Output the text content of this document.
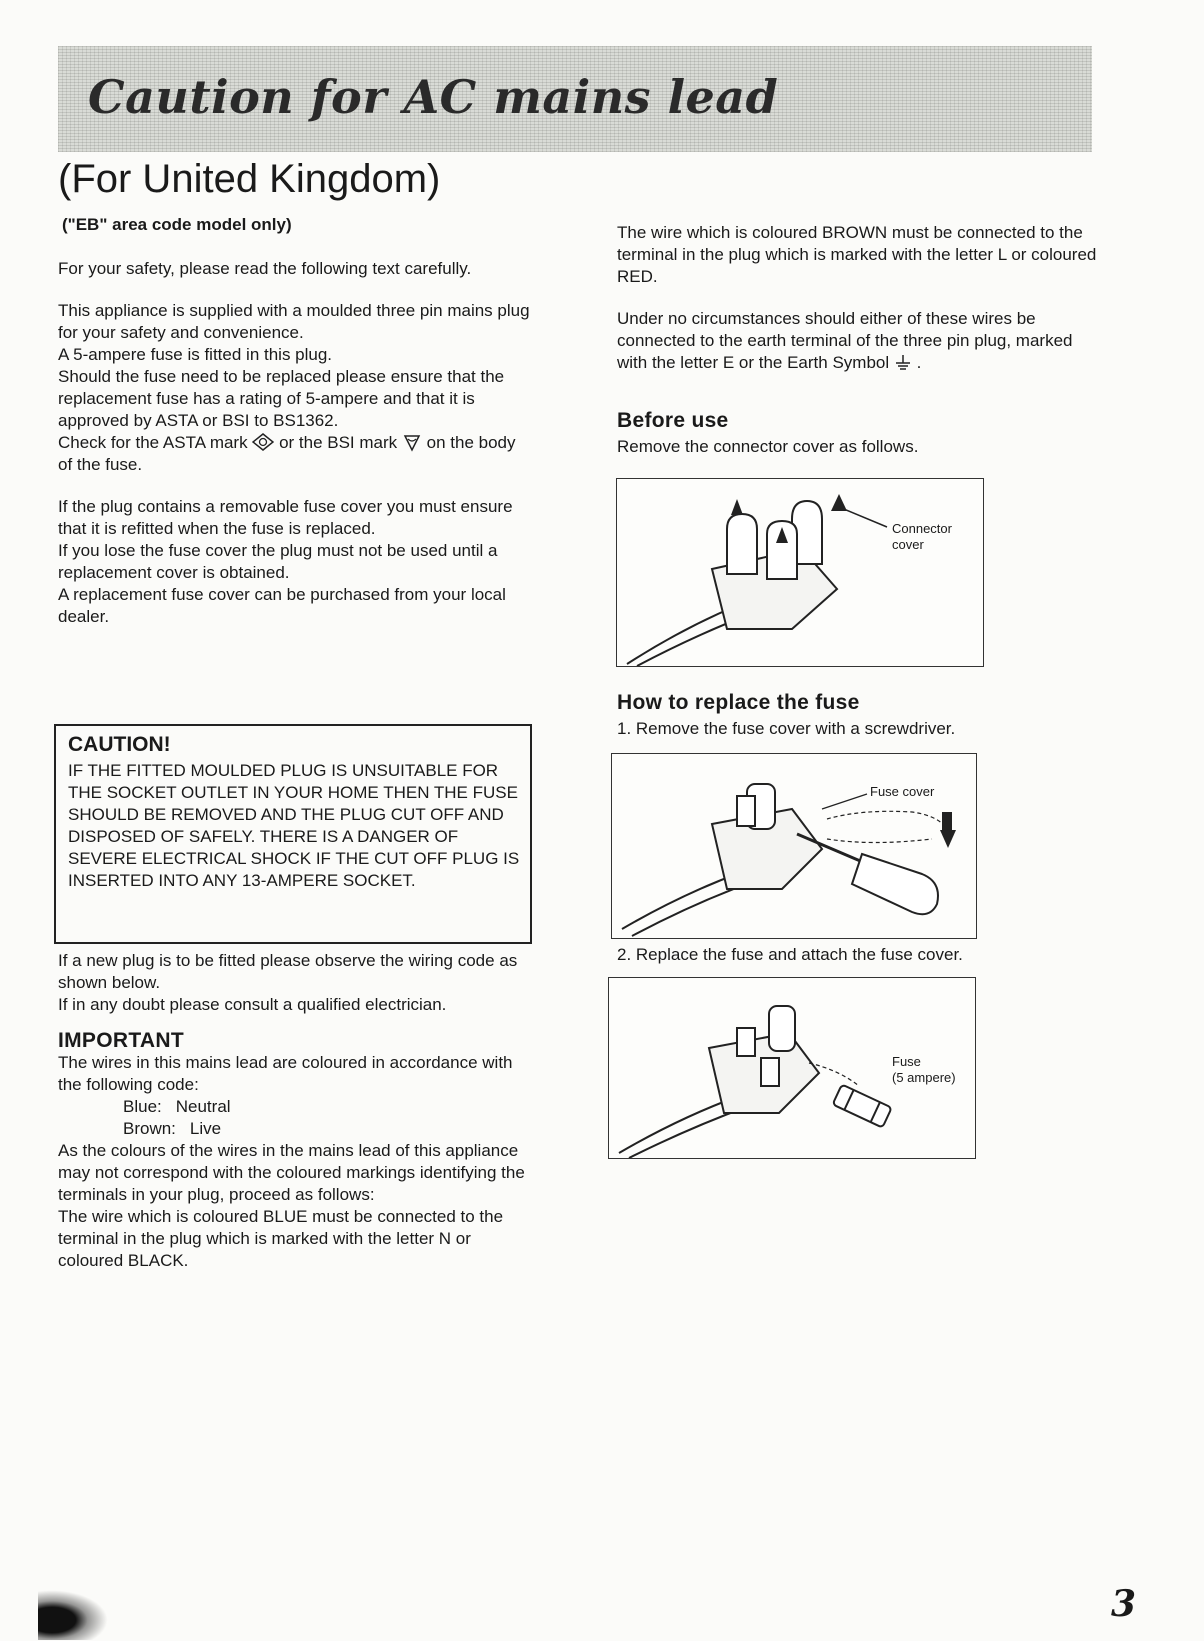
Caution for AC mains lead
(For United Kingdom)
("EB" area code model only)

For your safety, please read the following text carefully.

This appliance is supplied with a moulded three pin mains plug for your safety and convenience.

A 5-ampere fuse is fitted in this plug.

Should the fuse need to be replaced please ensure that the replacement fuse has a rating of 5-ampere and that it is approved by ASTA or BSI to BS1362.

Check for the ASTA mark or the BSI mark on the body of the fuse.

If the plug contains a removable fuse cover you must ensure that it is refitted when the fuse is replaced.

If you lose the fuse cover the plug must not be used until a replacement cover is obtained.

A replacement fuse cover can be purchased from your local dealer.

CAUTION!
IF THE FITTED MOULDED PLUG IS UNSUITABLE FOR THE SOCKET OUTLET IN YOUR HOME THEN THE FUSE SHOULD BE REMOVED AND THE PLUG CUT OFF AND DISPOSED OF SAFELY. THERE IS A DANGER OF SEVERE ELECTRICAL SHOCK IF THE CUT OFF PLUG IS INSERTED INTO ANY 13-AMPERE SOCKET.

If a new plug is to be fitted please observe the wiring code as shown below.

If in any doubt please consult a qualified electrician.

IMPORTANT

The wires in this mains lead are coloured in accordance with the following code:

Blue: Neutral
Brown: Live

As the colours of the wires in the mains lead of this appliance may not correspond with the coloured markings identifying the terminals in your plug, proceed as follows:

The wire which is coloured BLUE must be connected to the terminal in the plug which is marked with the letter N or coloured BLACK.

The wire which is coloured BROWN must be connected to the terminal in the plug which is marked with the letter L or coloured RED.

Under no circumstances should either of these wires be connected to the earth terminal of the three pin plug, marked with the letter E or the Earth Symbol .

Before use

Remove the connector cover as follows.

Connector
cover
How to replace the fuse

1. Remove the fuse cover with a screwdriver.

Fuse cover

2. Replace the fuse and attach the fuse cover.

Fuse
(5 ampere)
3
